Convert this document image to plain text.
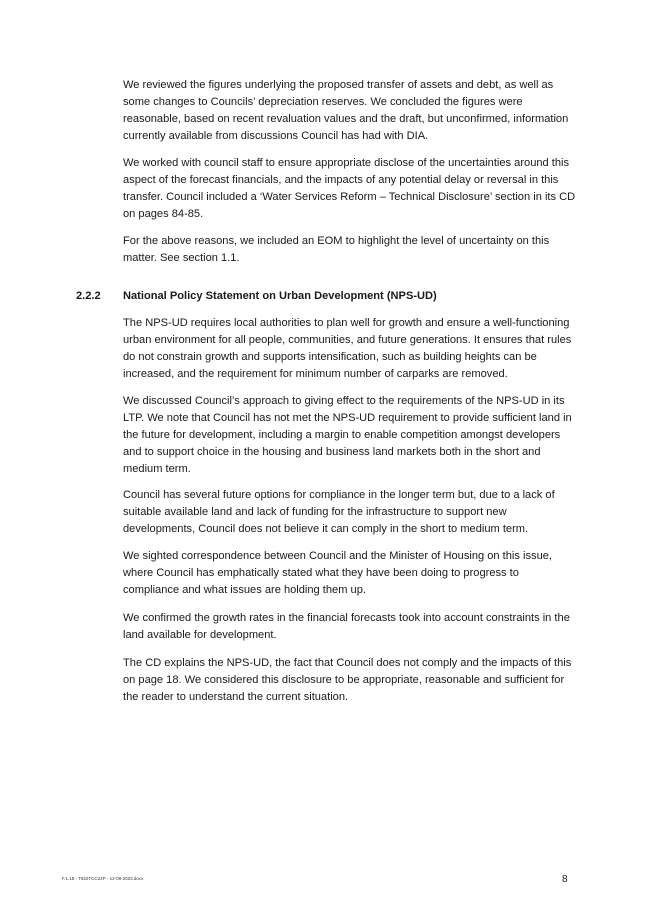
We reviewed the figures underlying the proposed transfer of assets and debt, as well as some changes to Councils’ depreciation reserves. We concluded the figures were reasonable, based on recent revaluation values and the draft, but unconfirmed, information currently available from discussions Council has had with DIA.

We worked with council staff to ensure appropriate disclose of the uncertainties around this aspect of the forecast financials, and the impacts of any potential delay or reversal in this transfer. Council included a ‘Water Services Reform – Technical Disclosure’ section in its CD on pages 84-85.

For the above reasons, we included an EOM to highlight the level of uncertainty on this matter. See section 1.1.

2.2.2 National Policy Statement on Urban Development (NPS-UD)

The NPS-UD requires local authorities to plan well for growth and ensure a well-functioning urban environment for all people, communities, and future generations. It ensures that rules do not constrain growth and supports intensification, such as building heights can be increased, and the requirement for minimum number of carparks are removed.

We discussed Council’s approach to giving effect to the requirements of the NPS-UD in its LTP. We note that Council has not met the NPS-UD requirement to provide sufficient land in the future for development, including a margin to enable competition amongst developers and to support choice in the housing and business land markets both in the short and medium term.

Council has several future options for compliance in the longer term but, due to a lack of suitable available land and lack of funding for the infrastructure to support new developments, Council does not believe it can comply in the short to medium term.

We sighted correspondence between Council and the Minister of Housing on this issue, where Council has emphatically stated what they have been doing to progress to compliance and what issues are holding them up.

We confirmed the growth rates in the financial forecasts took into account constraints in the land available for development.

The CD explains the NPS-UD, the fact that Council does not comply and the impacts of this on page 18. We considered this disclosure to be appropriate, reasonable and sufficient for the reader to understand the current situation.

F.1.18 - T922TCC24P - 12-09-2023.docx	8
